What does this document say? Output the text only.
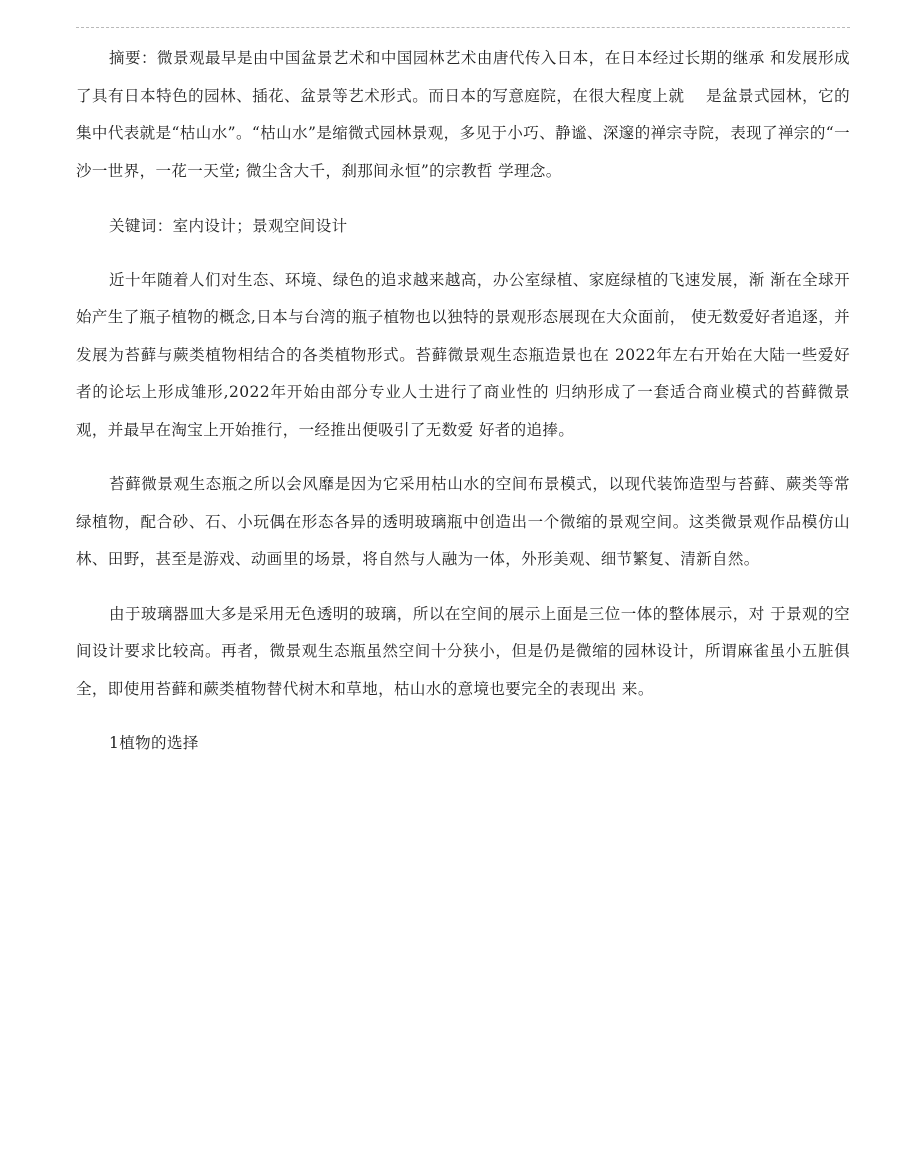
摘要：微景观最早是由中国盆景艺术和中国园林艺术由唐代传入日本，在日本经过长期的继承 和发展形成了具有日本特色的园林、插花、盆景等艺术形式。而日本的写意庭院，在很大程度上就　 是盆景式园林，它的集中代表就是“枯山水”。“枯山水”是缩微式园林景观，多见于小巧、静谧、深邃的禅宗寺院，表现了禅宗的“一沙一世界，一花一天堂; 微尘含大千，刹那间永恒”的宗教哲 学理念。

关键词：室内设计；景观空间设计

近十年随着人们对生态、环境、绿色的追求越来越高，办公室绿植、家庭绿植的飞速发展，渐 渐在全球开始产生了瓶子植物的概念,日本与台湾的瓶子植物也以独特的景观形态展现在大众面前， 使无数爱好者追逐，并发展为苔藓与蕨类植物相结合的各类植物形式。苔藓微景观生态瓶造景也在 2022年左右开始在大陆一些爱好者的论坛上形成雏形,2022年开始由部分专业人士进行了商业性的 归纳形成了一套适合商业模式的苔藓微景观，并最早在淘宝上开始推行，一经推出便吸引了无数爱 好者的追捧。

苔藓微景观生态瓶之所以会风靡是因为它采用枯山水的空间布景模式，以现代装饰造型与苔藓、蕨类等常绿植物，配合砂、石、小玩偶在形态各异的透明玻璃瓶中创造出一个微缩的景观空间。这类微景观作品模仿山林、田野，甚至是游戏、动画里的场景，将自然与人融为一体，外形美观、细节繁复、清新自然。

由于玻璃器皿大多是采用无色透明的玻璃，所以在空间的展示上面是三位一体的整体展示，对 于景观的空间设计要求比较高。再者，微景观生态瓶虽然空间十分狭小，但是仍是微缩的园林设计，所谓麻雀虽小五脏俱全，即使用苔藓和蕨类植物替代树木和草地，枯山水的意境也要完全的表现出 来。

1植物的选择
